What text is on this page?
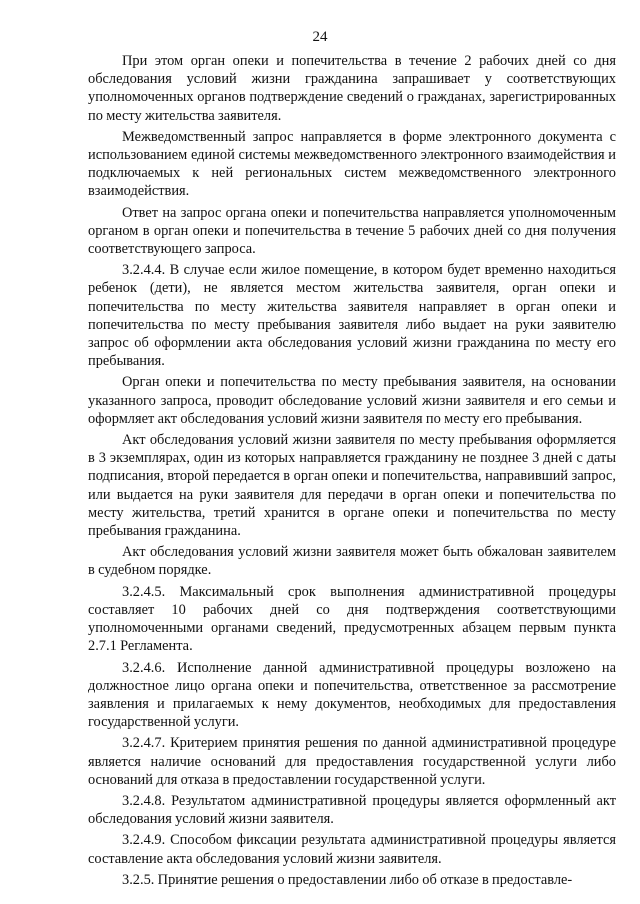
24

При этом орган опеки и попечительства в течение 2 рабочих дней со дня обследования условий жизни гражданина запрашивает у соответствующих уполномоченных органов подтверждение сведений о гражданах, зарегистрированных по месту жительства заявителя.

Межведомственный запрос направляется в форме электронного документа с использованием единой системы межведомственного электронного взаимодействия и подключаемых к ней региональных систем межведомственного электронного взаимодействия.

Ответ на запрос органа опеки и попечительства направляется уполномоченным органом в орган опеки и попечительства в течение 5 рабочих дней со дня получения соответствующего запроса.

3.2.4.4. В случае если жилое помещение, в котором будет временно находиться ребенок (дети), не является местом жительства заявителя, орган опеки и попечительства по месту жительства заявителя направляет в орган опеки и попечительства по месту пребывания заявителя либо выдает на руки заявителю запрос об оформлении акта обследования условий жизни гражданина по месту его пребывания.

Орган опеки и попечительства по месту пребывания заявителя, на основании указанного запроса, проводит обследование условий жизни заявителя и его семьи и оформляет акт обследования условий жизни заявителя по месту его пребывания.

Акт обследования условий жизни заявителя по месту пребывания оформляется в 3 экземплярах, один из которых направляется гражданину не позднее 3 дней с даты подписания, второй передается в орган опеки и попечительства, направивший запрос, или выдается на руки заявителя для передачи в орган опеки и попечительства по месту жительства, третий хранится в органе опеки и попечительства по месту пребывания гражданина.

Акт обследования условий жизни заявителя может быть обжалован заявителем в судебном порядке.

3.2.4.5. Максимальный срок выполнения административной процедуры составляет 10 рабочих дней со дня подтверждения соответствующими уполномоченными органами сведений, предусмотренных абзацем первым пункта 2.7.1 Регламента.

3.2.4.6. Исполнение данной административной процедуры возложено на должностное лицо органа опеки и попечительства, ответственное за рассмотрение заявления и прилагаемых к нему документов, необходимых для предоставления государственной услуги.

3.2.4.7. Критерием принятия решения по данной административной процедуре является наличие оснований для предоставления государственной услуги либо оснований для отказа в предоставлении государственной услуги.

3.2.4.8. Результатом административной процедуры является оформленный акт обследования условий жизни заявителя.

3.2.4.9. Способом фиксации результата административной процедуры является составление акта обследования условий жизни заявителя.

3.2.5. Принятие решения о предоставлении либо об отказе в предоставле-
